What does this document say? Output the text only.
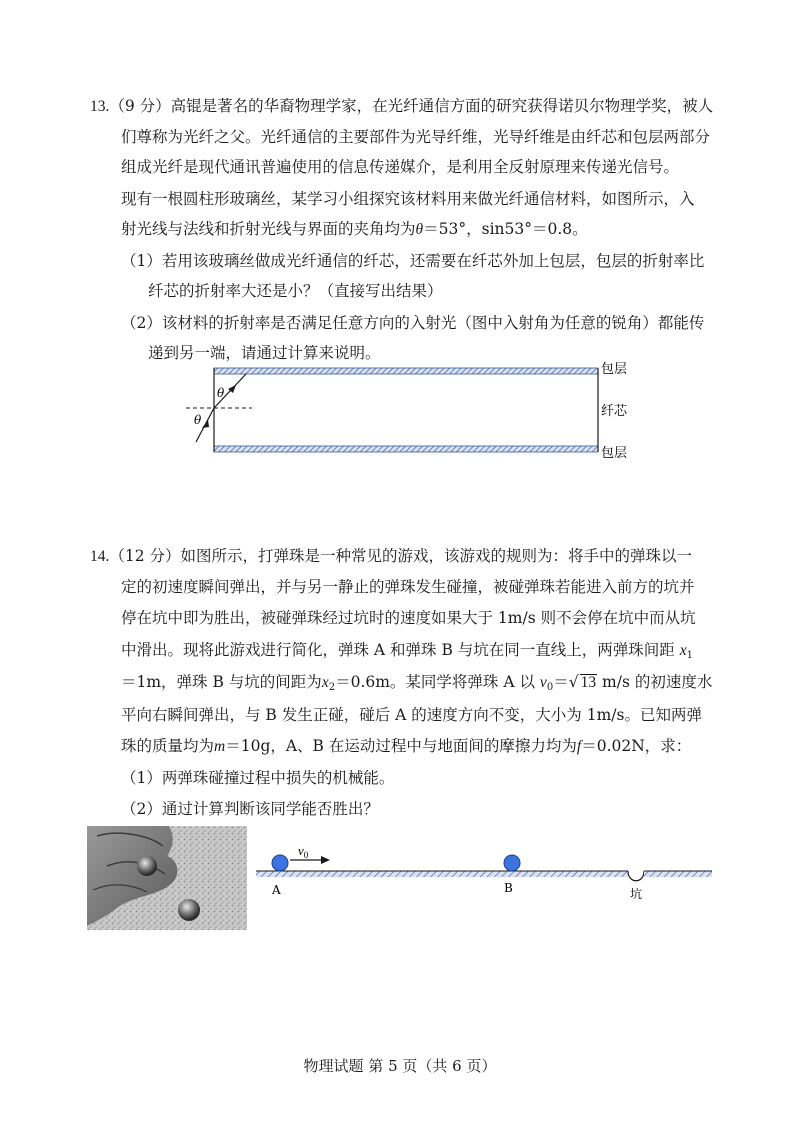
13.（9 分）高锟是著名的华裔物理学家，在光纤通信方面的研究获得诺贝尔物理学奖，被人
们尊称为光纤之父。光纤通信的主要部件为光导纤维，光导纤维是由纤芯和包层两部分
组成光纤是现代通讯普遍使用的信息传递媒介，是利用全反射原理来传递光信号。
现有一根圆柱形玻璃丝，某学习小组探究该材料用来做光纤通信材料，如图所示，入
射光线与法线和折射光线与界面的夹角均为θ＝53°，sin53°＝0.8。
（1）若用该玻璃丝做成光纤通信的纤芯，还需要在纤芯外加上包层，包层的折射率比
纤芯的折射率大还是小？（直接写出结果）
（2）该材料的折射率是否满足任意方向的入射光（图中入射角为任意的锐角）都能传
递到另一端，请通过计算来说明。
θ
θ
包层
纤芯
包层
14.（12 分）如图所示，打弹珠是一种常见的游戏，该游戏的规则为：将手中的弹珠以一
定的初速度瞬间弹出，并与另一静止的弹珠发生碰撞，被碰弹珠若能进入前方的坑并
停在坑中即为胜出，被碰弹珠经过坑时的速度如果大于 1m/s 则不会停在坑中而从坑
中滑出。现将此游戏进行简化，弹珠 A 和弹珠 B 与坑在同一直线上，两弹珠间距 $x_1$
＝1m，弹珠 B 与坑的间距为$x_2=0.6m$。某同学将弹珠 A 以 $v_0=√$ 13 m/s 的初速度水
平向右瞬间弹出，与 B 发生正碰，碰后 A 的速度方向不变，大小为 1m/s。已知两弹
珠的质量均为m＝10g，A、B 在运动过程中与地面间的摩擦力均为f＝0.02N，求：
（1）两弹珠碰撞过程中损失的机械能。
（2）通过计算判断该同学能否胜出？
$v_0$
A	B	坑
物理试题 第 5 页（共 6 页）
